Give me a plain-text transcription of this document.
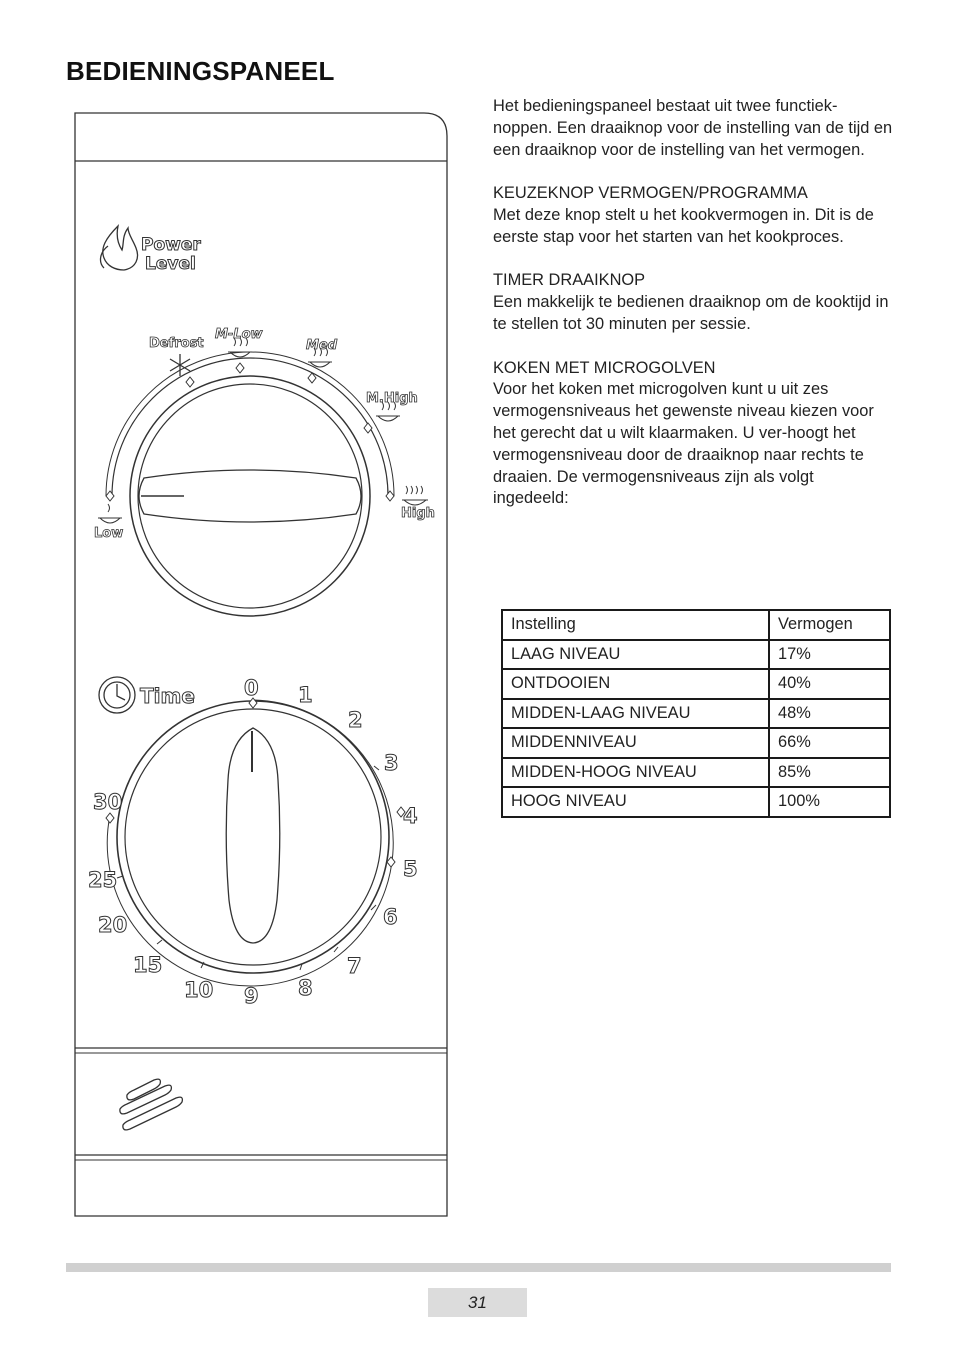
BEDIENINGSPANEEL
Power
Level
Low
Defrost
M-Low
Med
M.High
High
Time 0 1
2
3
4
5
6
7
8
9
10
15
20
25
30

Het bedieningspaneel bestaat uit twee functiek-noppen. Een draaiknop voor de instelling van de tijd en een draaiknop voor de instelling van het vermogen.

KEUZEKNOP VERMOGEN/PROGRAMMA
Met deze knop stelt u het kookvermogen in. Dit is de eerste stap voor het starten van het kookproces.

TIMER DRAAIKNOP
Een makkelijk te bedienen draaiknop om de kooktijd in te stellen tot 30 minuten per sessie.

KOKEN MET MICROGOLVEN
Voor het koken met microgolven kunt u uit zes vermogensniveaus het gewenste niveau kiezen voor het gerecht dat u wilt klaarmaken. U ver-hoogt het vermogensniveau door de draaiknop naar rechts te draaien. De vermogensniveaus zijn als volgt ingedeeld:

Instelling	Vermogen
LAAG NIVEAU	17%
ONTDOOIEN	40%
MIDDEN-LAAG NIVEAU	48%
MIDDENNIVEAU	66%
MIDDEN-HOOG NIVEAU	85%
HOOG NIVEAU	100%
31
